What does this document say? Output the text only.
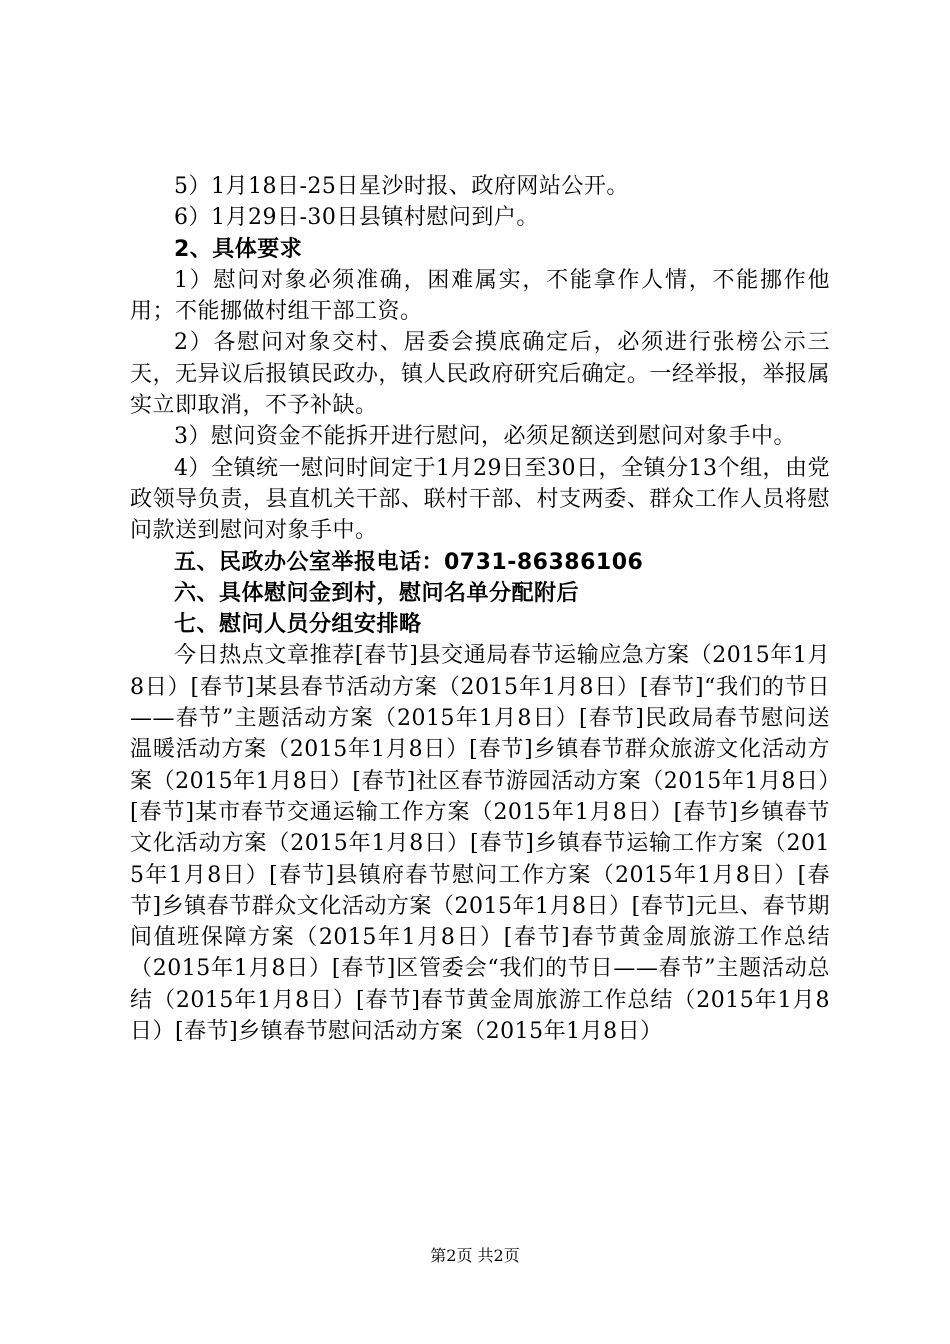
5）1月18日-25日星沙时报、政府网站公开。

6）1月29日-30日县镇村慰问到户。

2、具体要求

1）慰问对象必须准确，困难属实，不能拿作人情，不能挪作他用；不能挪做村组干部工资。

2）各慰问对象交村、居委会摸底确定后，必须进行张榜公示三天，无异议后报镇民政办，镇人民政府研究后确定。一经举报，举报属实立即取消，不予补缺。

3）慰问资金不能拆开进行慰问，必须足额送到慰问对象手中。

4）全镇统一慰问时间定于1月29日至30日，全镇分13个组，由党政领导负责，县直机关干部、联村干部、村支两委、群众工作人员将慰问款送到慰问对象手中。

五、民政办公室举报电话：0731-86386106

六、具体慰问金到村，慰问名单分配附后

七、慰问人员分组安排略

今日热点文章推荐[春节]县交通局春节运输应急方案（2015年1月8日）[春节]某县春节活动方案（2015年1月8日）[春节]“我们的节日——春节”主题活动方案（2015年1月8日）[春节]民政局春节慰问送温暖活动方案（2015年1月8日）[春节]乡镇春节群众旅游文化活动方案（2015年1月8日）[春节]社区春节游园活动方案（2015年1月8日）[春节]某市春节交通运输工作方案（2015年1月8日）[春节]乡镇春节文化活动方案（2015年1月8日）[春节]乡镇春节运输工作方案（2015年1月8日）[春节]县镇府春节慰问工作方案（2015年1月8日）[春节]乡镇春节群众文化活动方案（2015年1月8日）[春节]元旦、春节期间值班保障方案（2015年1月8日）[春节]春节黄金周旅游工作总结（2015年1月8日）[春节]区管委会“我们的节日——春节”主题活动总结（2015年1月8日）[春节]春节黄金周旅游工作总结（2015年1月8日）[春节]乡镇春节慰问活动方案（2015年1月8日）

第2页 共2页
